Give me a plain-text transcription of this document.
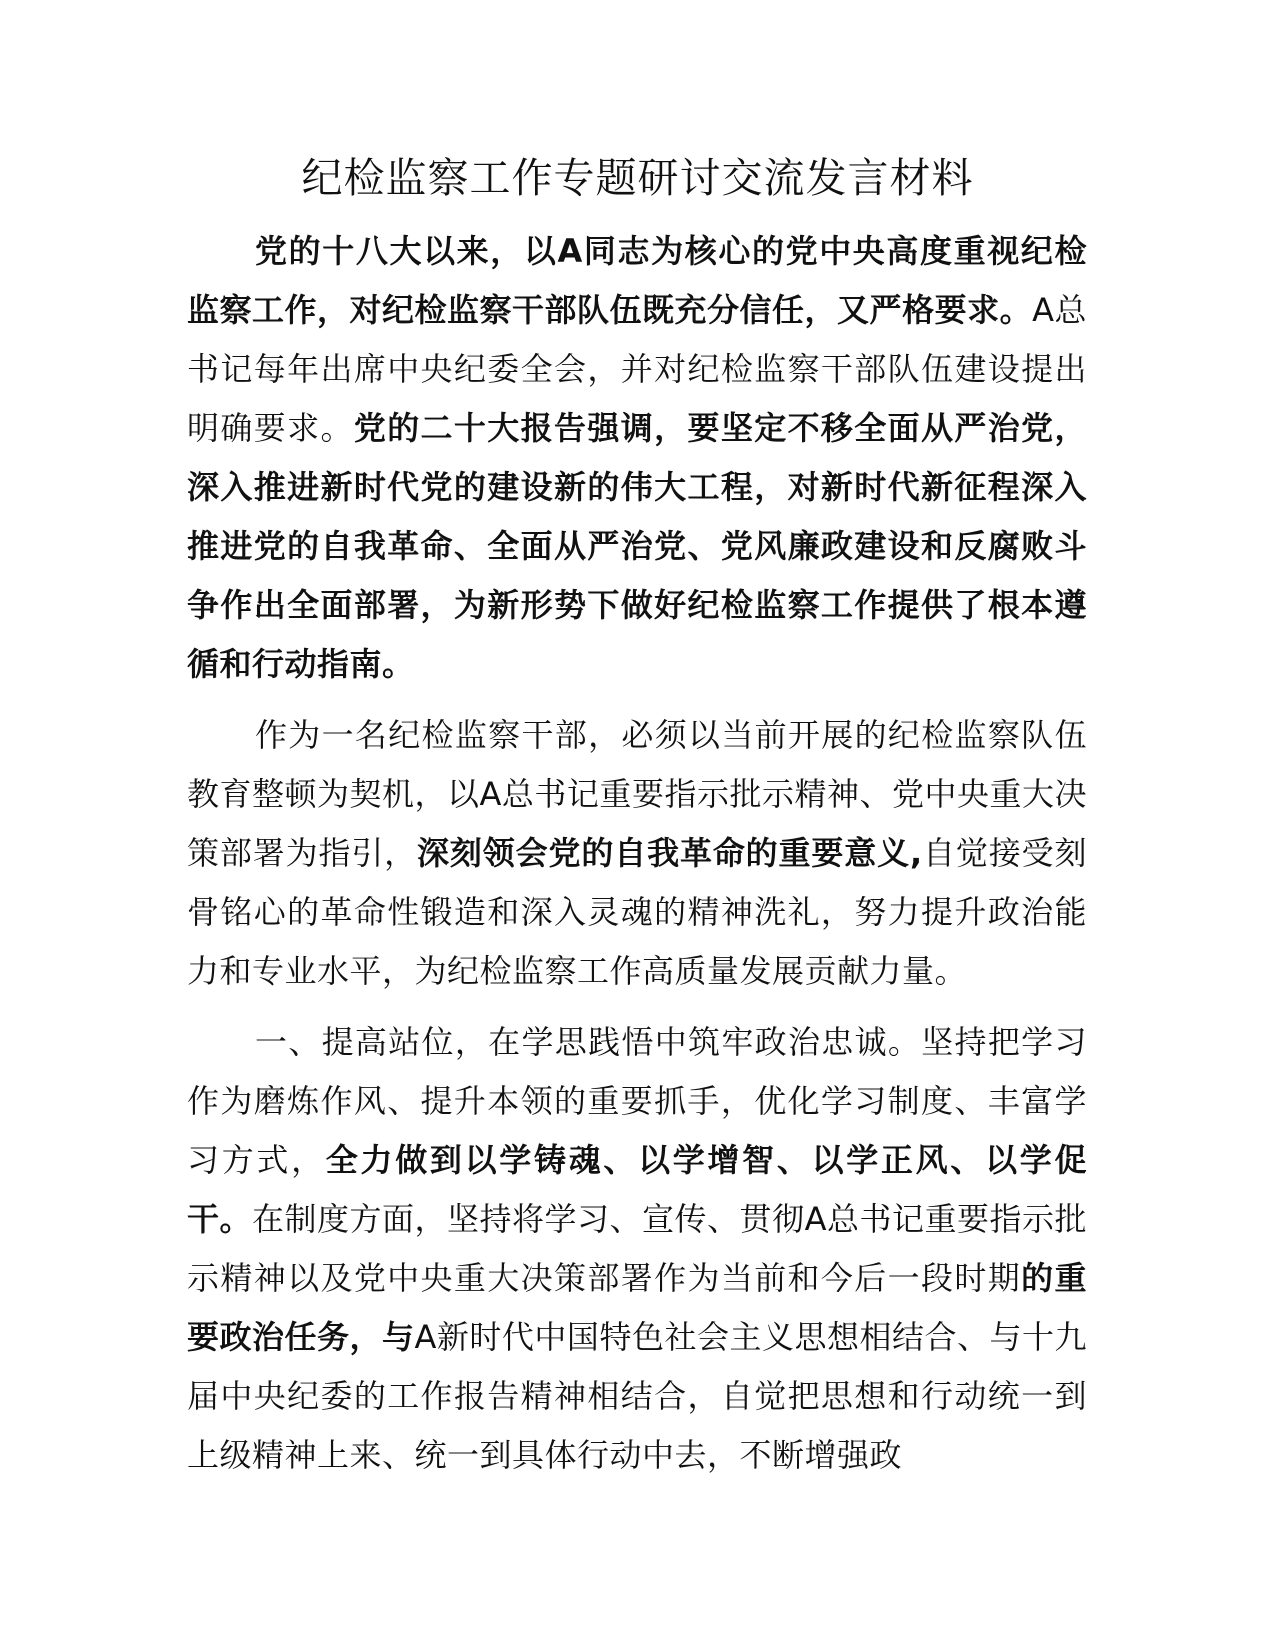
纪检监察工作专题研讨交流发言材料

党的十八大以来，以A同志为核心的党中央高度重视纪检监察工作，对纪检监察干部队伍既充分信任，又严格要求。A总书记每年出席中央纪委全会，并对纪检监察干部队伍建设提出明确要求。党的二十大报告强调，要坚定不移全面从严治党，深入推进新时代党的建设新的伟大工程，对新时代新征程深入推进党的自我革命、全面从严治党、党风廉政建设和反腐败斗争作出全面部署，为新形势下做好纪检监察工作提供了根本遵循和行动指南。

作为一名纪检监察干部，必须以当前开展的纪检监察队伍教育整顿为契机，以A总书记重要指示批示精神、党中央重大决策部署为指引，深刻领会党的自我革命的重要意义,自觉接受刻骨铭心的革命性锻造和深入灵魂的精神洗礼，努力提升政治能力和专业水平，为纪检监察工作高质量发展贡献力量。

一、提高站位，在学思践悟中筑牢政治忠诚。坚持把学习作为磨炼作风、提升本领的重要抓手，优化学习制度、丰富学习方式，全力做到以学铸魂、以学增智、以学正风、以学促干。在制度方面，坚持将学习、宣传、贯彻A总书记重要指示批示精神以及党中央重大决策部署作为当前和今后一段时期的重要政治任务，与A新时代中国特色社会主义思想相结合、与十九届中央纪委的工作报告精神相结合，自觉把思想和行动统一到上级精神上来、统一到具体行动中去，不断增强政
